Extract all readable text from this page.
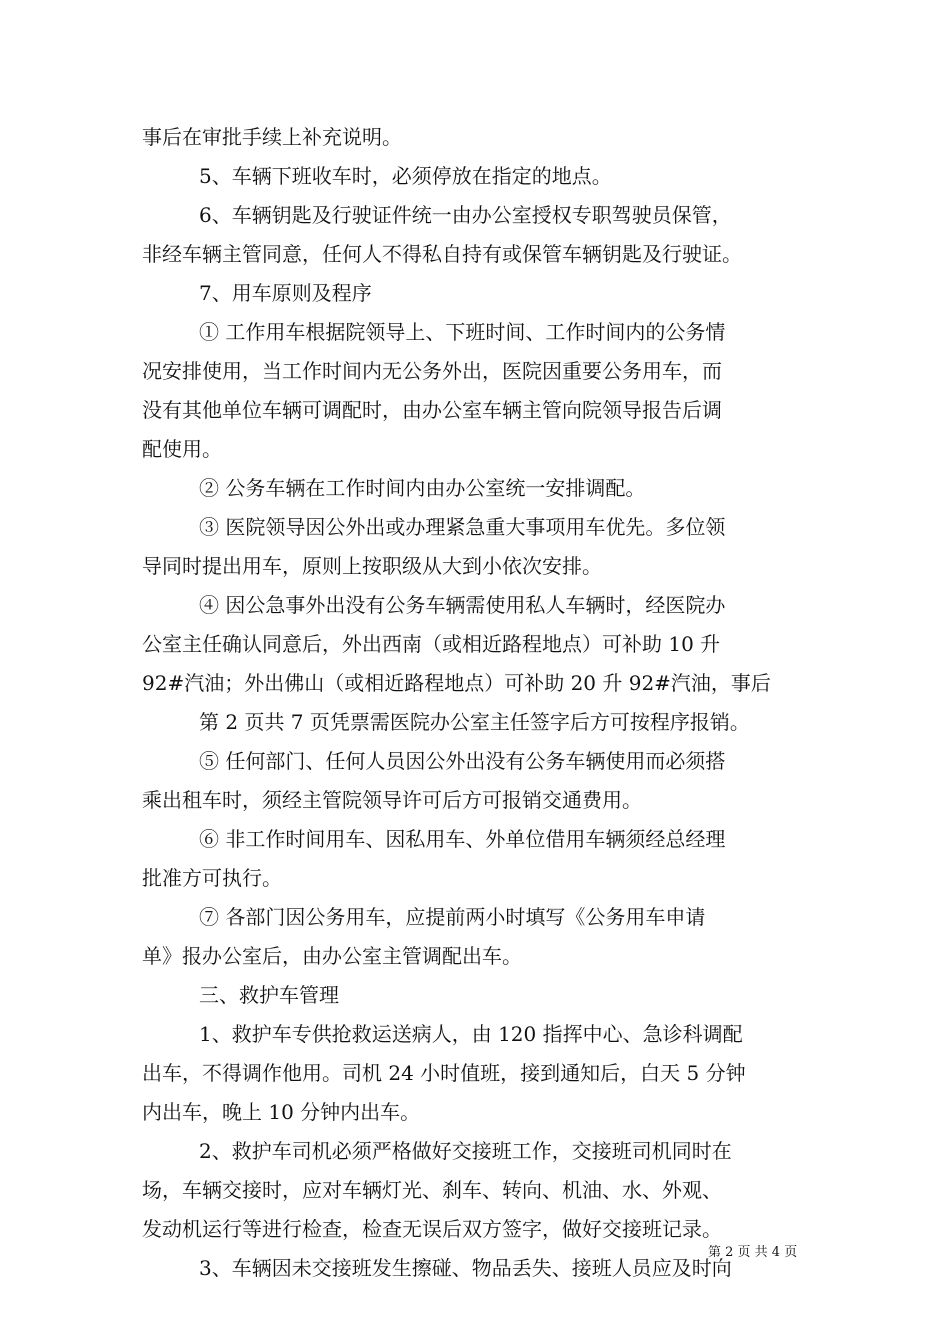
事后在审批手续上补充说明。
5、车辆下班收车时，必须停放在指定的地点。
6、车辆钥匙及行驶证件统一由办公室授权专职驾驶员保管，
非经车辆主管同意，任何人不得私自持有或保管车辆钥匙及行驶证。
7、用车原则及程序
① 工作用车根据院领导上、下班时间、工作时间内的公务情
况安排使用，当工作时间内无公务外出，医院因重要公务用车，而
没有其他单位车辆可调配时，由办公室车辆主管向院领导报告后调
配使用。
② 公务车辆在工作时间内由办公室统一安排调配。
③ 医院领导因公外出或办理紧急重大事项用车优先。多位领
导同时提出用车，原则上按职级从大到小依次安排。
④ 因公急事外出没有公务车辆需使用私人车辆时，经医院办
公室主任确认同意后，外出西南（或相近路程地点）可补助 10 升
92#汽油；外出佛山（或相近路程地点）可补助 20 升 92#汽油，事后
第 2 页共 7 页凭票需医院办公室主任签字后方可按程序报销。
⑤ 任何部门、任何人员因公外出没有公务车辆使用而必须搭
乘出租车时，须经主管院领导许可后方可报销交通费用。
⑥ 非工作时间用车、因私用车、外单位借用车辆须经总经理
批准方可执行。
⑦ 各部门因公务用车，应提前两小时填写《公务用车申请
单》报办公室后，由办公室主管调配出车。
三、救护车管理
1、救护车专供抢救运送病人，由 120 指挥中心、急诊科调配
出车，不得调作他用。司机 24 小时值班，接到通知后，白天 5 分钟
内出车，晚上 10 分钟内出车。
2、救护车司机必须严格做好交接班工作，交接班司机同时在
场，车辆交接时，应对车辆灯光、刹车、转向、机油、水、外观、
发动机运行等进行检查，检查无误后双方签字，做好交接班记录。
3、车辆因未交接班发生擦碰、物品丢失、接班人员应及时向
第 2 页 共 4 页
